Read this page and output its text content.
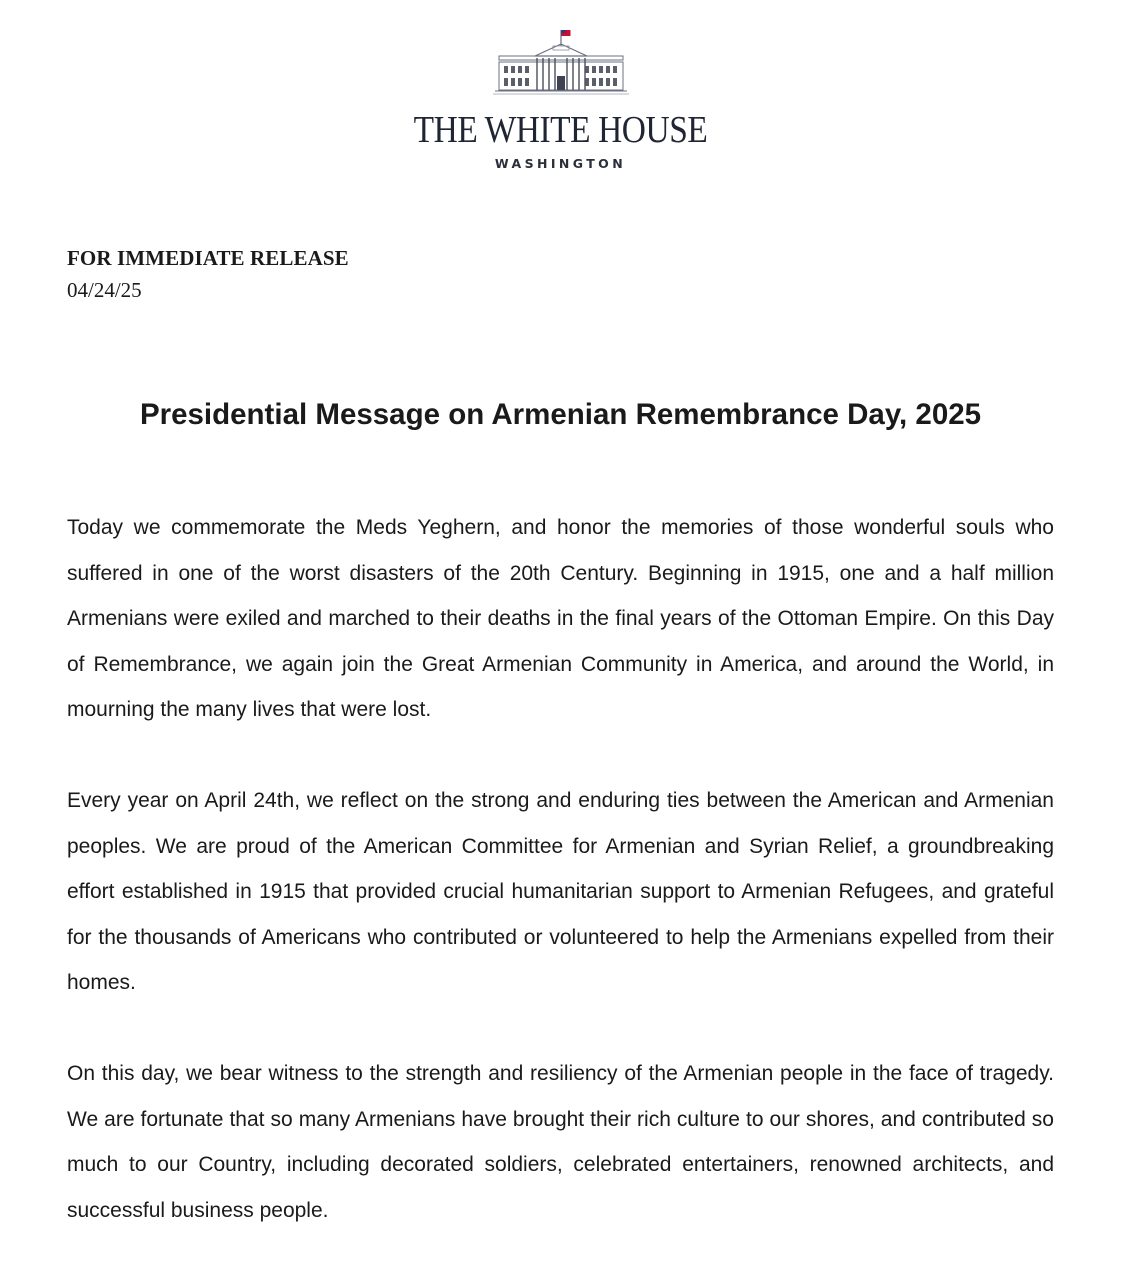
THE WHITE HOUSE
WASHINGTON
FOR IMMEDIATE RELEASE
04/24/25
Presidential Message on Armenian Remembrance Day, 2025

Today we commemorate the Meds Yeghern, and honor the memories of those wonderful souls who suffered in one of the worst disasters of the 20th Century. Beginning in 1915, one and a half million Armenians were exiled and marched to their deaths in the final years of the Ottoman Empire. On this Day of Remembrance, we again join the Great Armenian Community in America, and around the World, in mourning the many lives that were lost.

Every year on April 24th, we reflect on the strong and enduring ties between the American and Armenian peoples. We are proud of the American Committee for Armenian and Syrian Relief, a groundbreaking effort established in 1915 that provided crucial humanitarian support to Armenian Refugees, and grateful for the thousands of Americans who contributed or volunteered to help the Armenians expelled from their homes.

On this day, we bear witness to the strength and resiliency of the Armenian people in the face of tragedy. We are fortunate that so many Armenians have brought their rich culture to our shores, and contributed so much to our Country, including decorated soldiers, celebrated entertainers, renowned architects, and successful business people.
